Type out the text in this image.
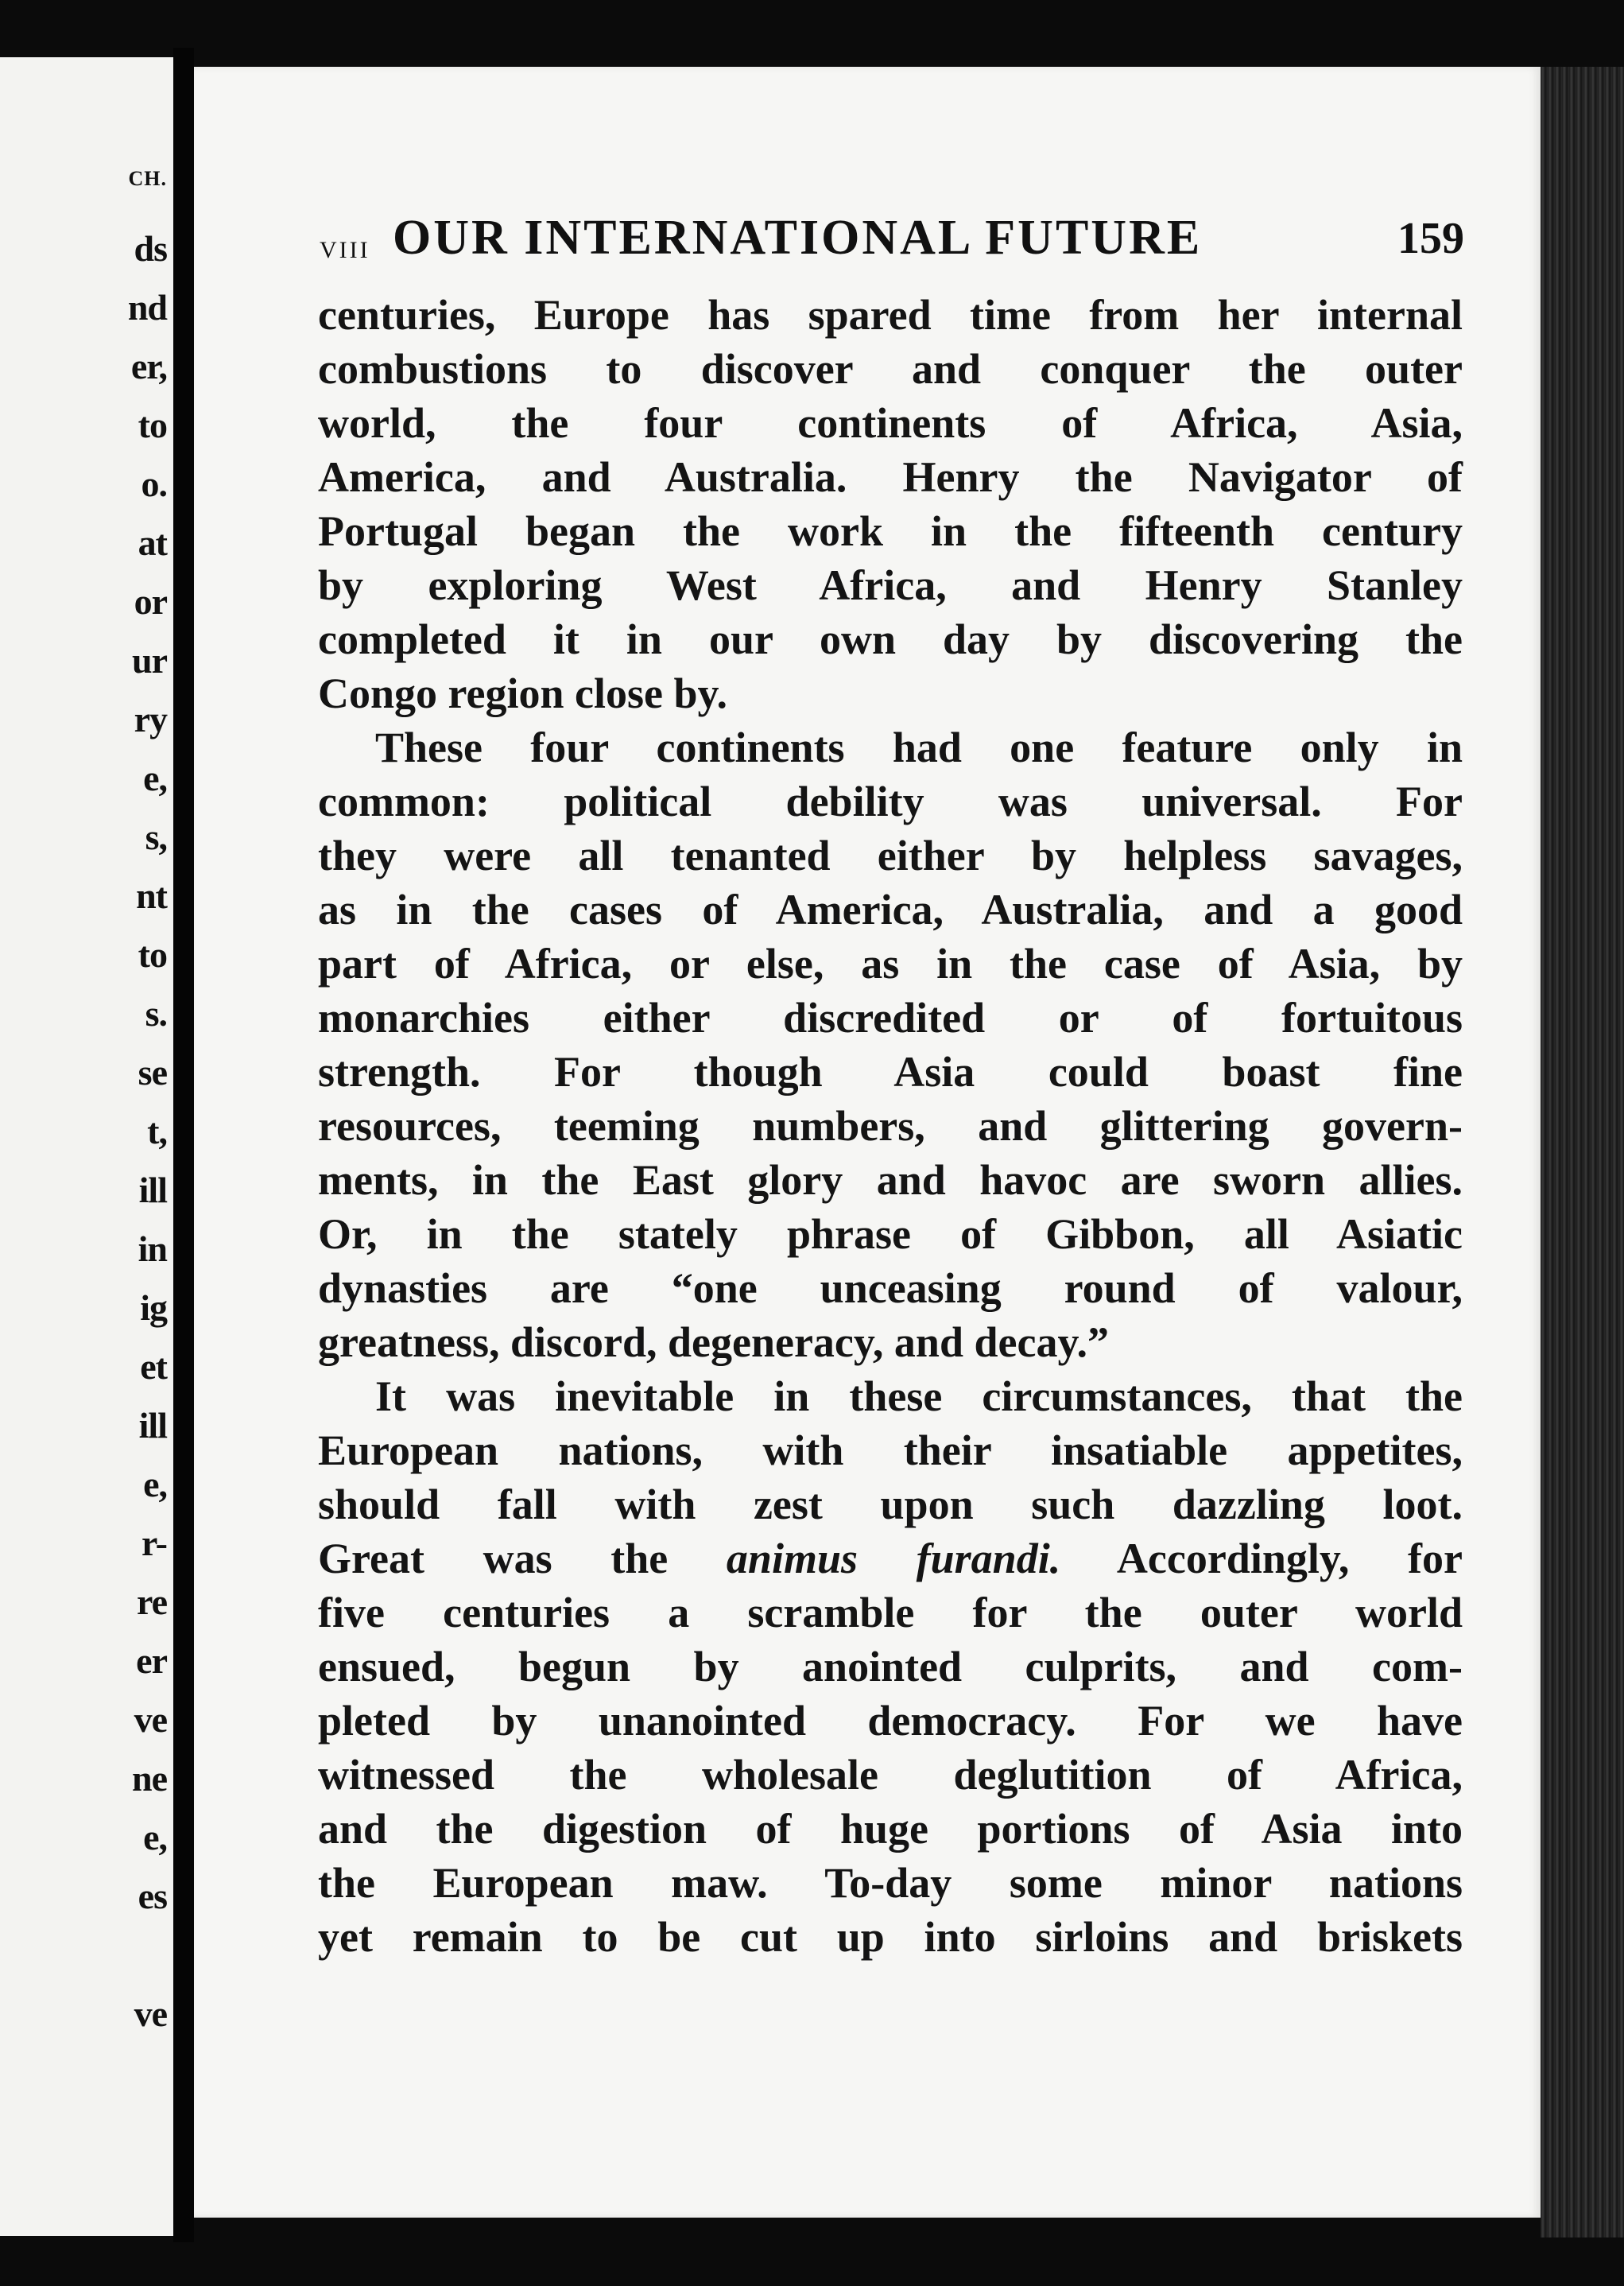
CH.
ds
nd
er,
to
o.
at
or
ur
ry
e,
s,
nt
to
s.
se
t,
ill
in
ig
et
ill
e,
r-
re
er
ve
ne
e,
es
ve
VIII OUR INTERNATIONAL FUTURE	159
centuries, Europe has spared time from her internal
combustions to discover and conquer the outer
world, the four continents of Africa, Asia,
America, and Australia. Henry the Navigator of
Portugal began the work in the fifteenth century
by exploring West Africa, and Henry Stanley
completed it in our own day by discovering the
Congo region close by.
These four continents had one feature only in
common: political debility was universal. For
they were all tenanted either by helpless savages,
as in the cases of America, Australia, and a good
part of Africa, or else, as in the case of Asia, by
monarchies either discredited or of fortuitous
strength. For though Asia could boast fine
resources, teeming numbers, and glittering govern-
ments, in the East glory and havoc are sworn allies.
Or, in the stately phrase of Gibbon, all Asiatic
dynasties are “one unceasing round of valour,
greatness, discord, degeneracy, and decay.”
It was inevitable in these circumstances, that the
European nations, with their insatiable appetites,
should fall with zest upon such dazzling loot.
Great was the animus furandi. Accordingly, for
five centuries a scramble for the outer world
ensued, begun by anointed culprits, and com-
pleted by unanointed democracy. For we have
witnessed the wholesale deglutition of Africa,
and the digestion of huge portions of Asia into
the European maw. To-day some minor nations
yet remain to be cut up into sirloins and briskets
